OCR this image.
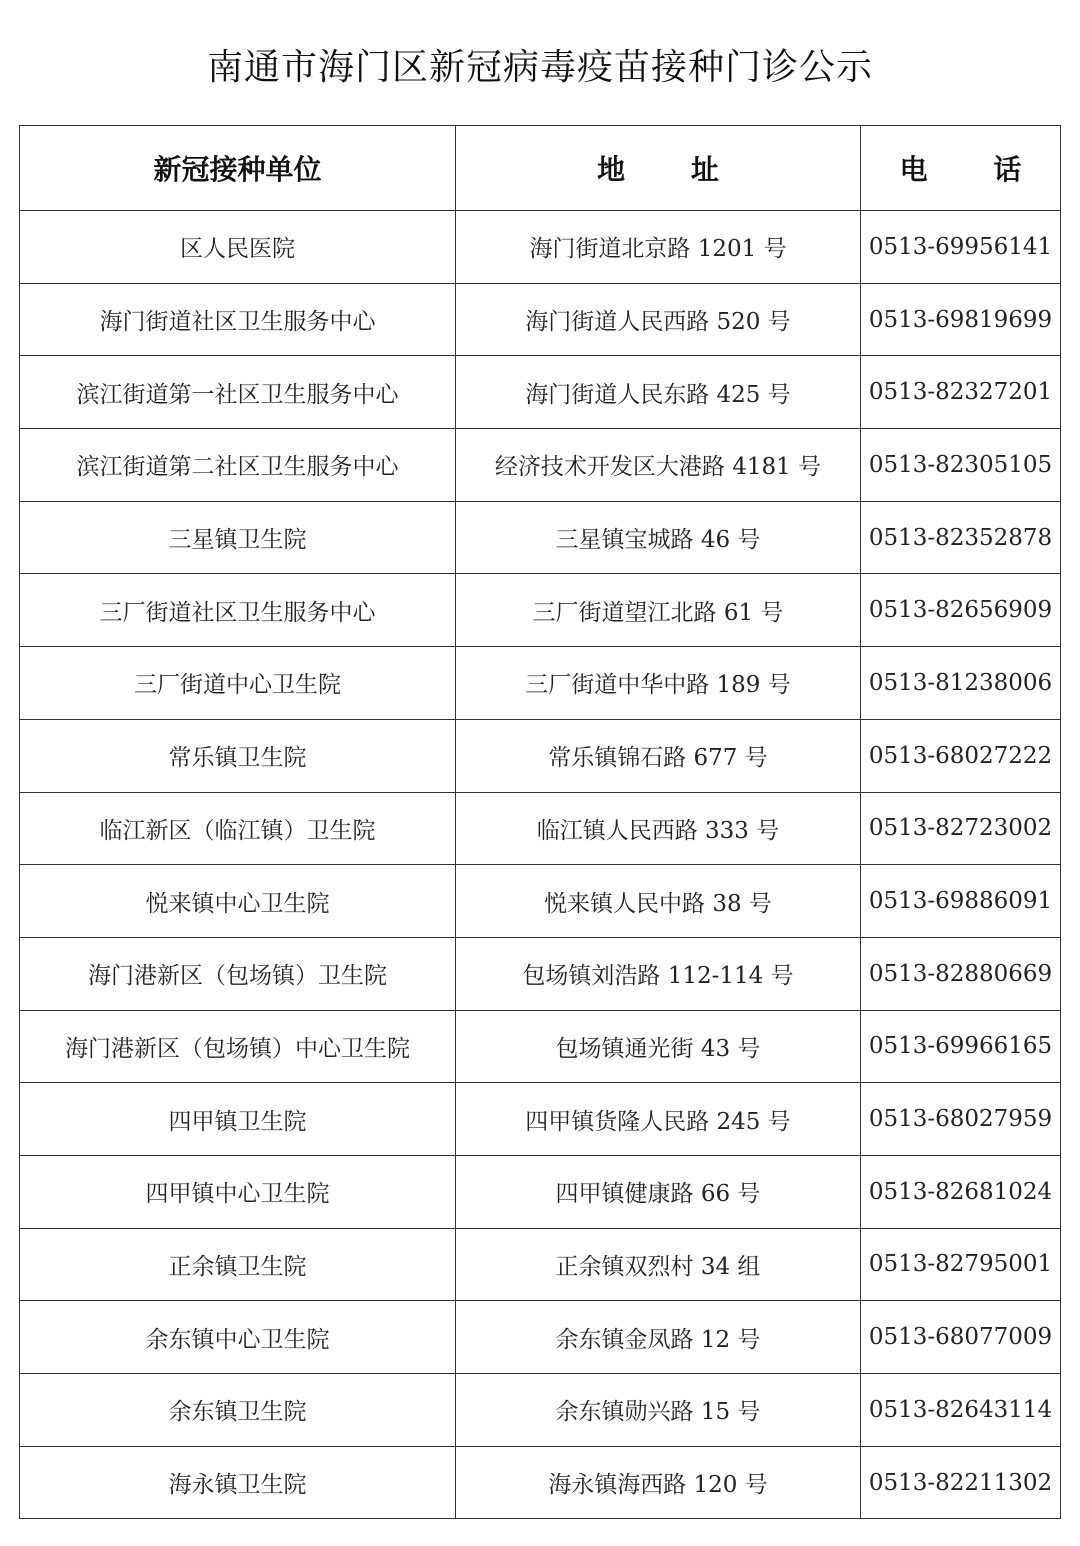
南通市海门区新冠病毒疫苗接种门诊公示
新冠接种单位	地 址	电 话
区人民医院	海门街道北京路 1201 号	0513-69956141
海门街道社区卫生服务中心	海门街道人民西路 520 号	0513-69819699
滨江街道第一社区卫生服务中心	海门街道人民东路 425 号	0513-82327201
滨江街道第二社区卫生服务中心	经济技术开发区大港路 4181 号	0513-82305105
三星镇卫生院	三星镇宝城路 46 号	0513-82352878
三厂街道社区卫生服务中心	三厂街道望江北路 61 号	0513-82656909
三厂街道中心卫生院	三厂街道中华中路 189 号	0513-81238006
常乐镇卫生院	常乐镇锦石路 677 号	0513-68027222
临江新区（临江镇）卫生院	临江镇人民西路 333 号	0513-82723002
悦来镇中心卫生院	悦来镇人民中路 38 号	0513-69886091
海门港新区（包场镇）卫生院	包场镇刘浩路 112-114 号	0513-82880669
海门港新区（包场镇）中心卫生院	包场镇通光街 43 号	0513-69966165
四甲镇卫生院	四甲镇货隆人民路 245 号	0513-68027959
四甲镇中心卫生院	四甲镇健康路 66 号	0513-82681024
正余镇卫生院	正余镇双烈村 34 组	0513-82795001
余东镇中心卫生院	余东镇金凤路 12 号	0513-68077009
余东镇卫生院	余东镇勋兴路 15 号	0513-82643114
海永镇卫生院	海永镇海西路 120 号	0513-82211302
